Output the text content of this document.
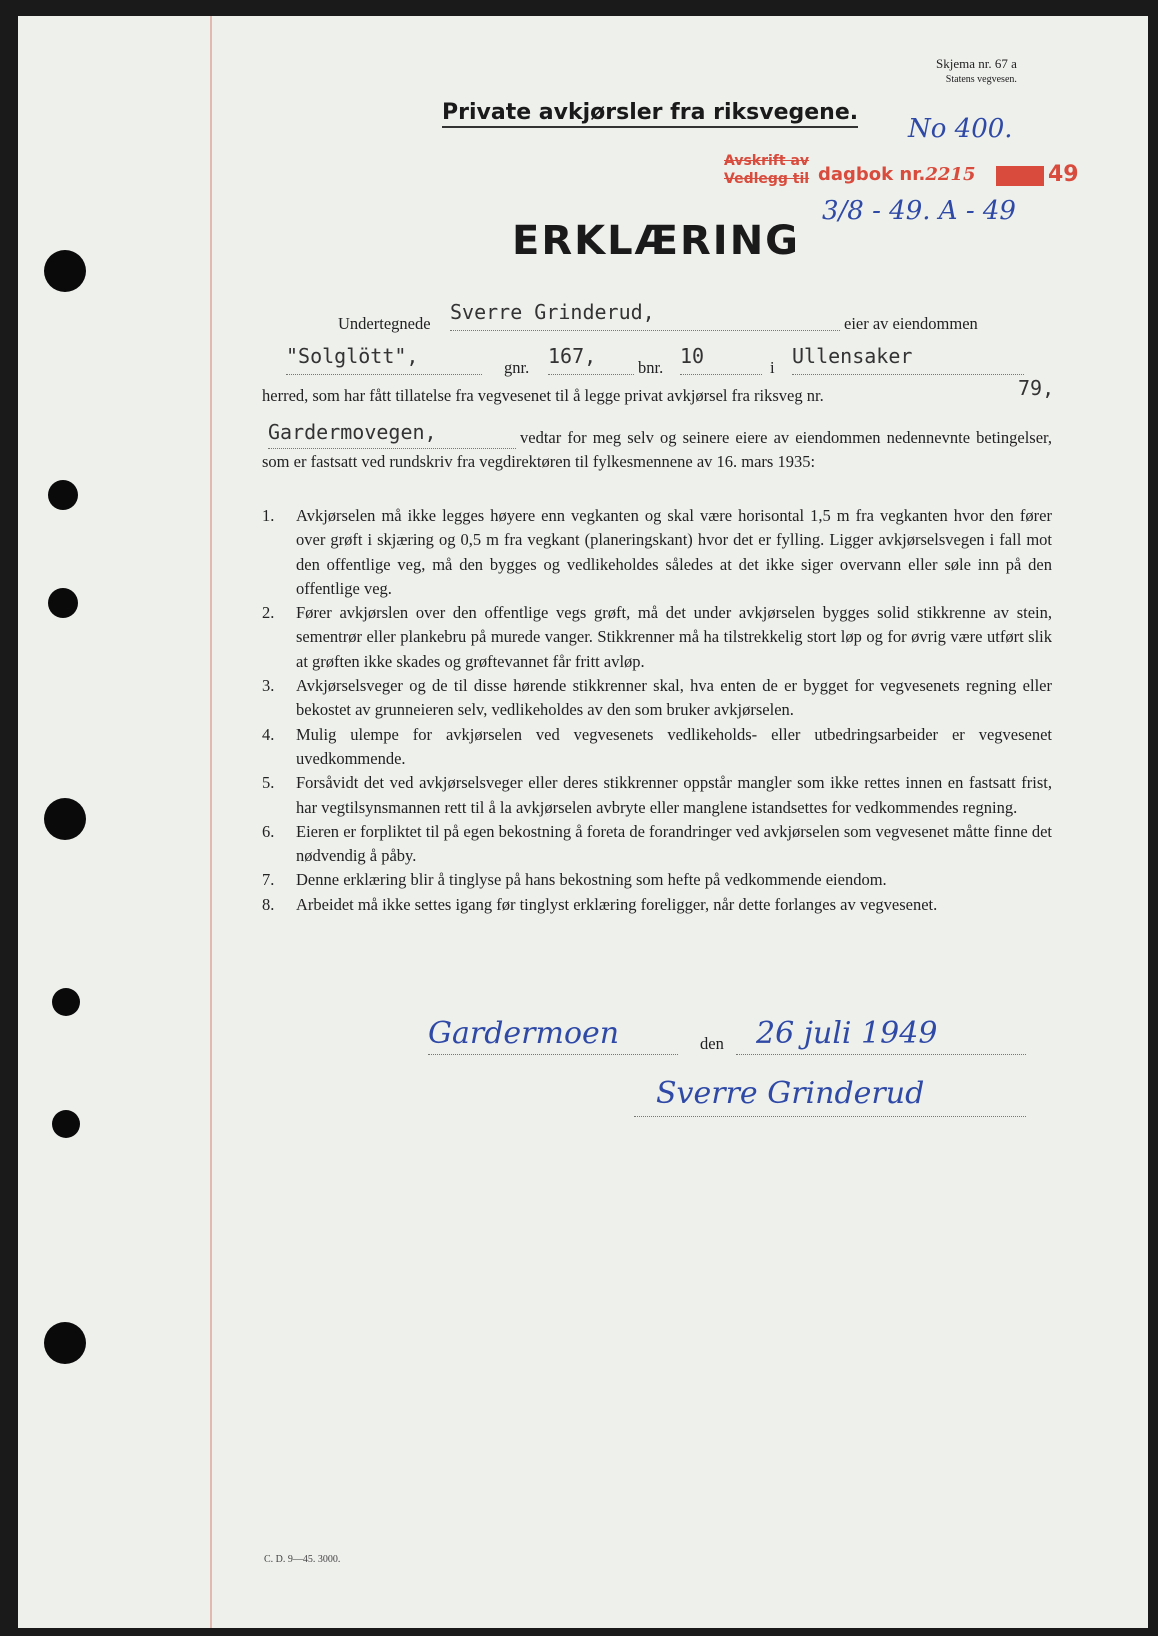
Skjema nr. 67 a
Statens vegvesen.
Private avkjørsler fra riksvegene.
No 400.
Avskrift av
Vedlegg til dagbok nr.2215	49
3/8 - 49. A - 49
ERKLÆRING
Undertegnede Sverre Grinderud,	eier av eiendommen
"Solglött",	gnr. 167,	bnr. 10	i Ullensaker
herred, som har fått tillatelse fra vegvesenet til å legge privat avkjørsel fra riksveg nr.	79,
Gardermovegen,	vedtar for meg selv og seinere eiere av eiendommen nedennevnte betingelser, som er fastsatt ved rundskriv fra vegdirektøren til fylkesmennene av 16. mars 1935:
1.	Avkjørselen må ikke legges høyere enn vegkanten og skal være horisontal 1,5 m fra vegkanten hvor den fører over grøft i skjæring og 0,5 m fra vegkant (planeringskant) hvor det er fylling. Ligger avkjørselsvegen i fall mot den offentlige veg, må den bygges og vedlikeholdes således at det ikke siger overvann eller søle inn på den offentlige veg.
2.	Fører avkjørslen over den offentlige vegs grøft, må det under avkjørselen bygges solid stikkrenne av stein, sementrør eller plankebru på murede vanger. Stikkrenner må ha tilstrekkelig stort løp og for øvrig være utført slik at grøften ikke skades og grøftevannet får fritt avløp.
3.	Avkjørselsveger og de til disse hørende stikkrenner skal, hva enten de er bygget for vegvesenets regning eller bekostet av grunneieren selv, vedlikeholdes av den som bruker avkjørselen.
4.	Mulig ulempe for avkjørselen ved vegvesenets vedlikeholds- eller utbedringsarbeider er vegvesenet uvedkommende.
5.	Forsåvidt det ved avkjørselsveger eller deres stikkrenner oppstår mangler som ikke rettes innen en fastsatt frist, har vegtilsynsmannen rett til å la avkjørselen avbryte eller manglene istandsettes for vedkommendes regning.
6.	Eieren er forpliktet til på egen bekostning å foreta de forandringer ved avkjørselen som vegvesenet måtte finne det nødvendig å påby.
7.	Denne erklæring blir å tinglyse på hans bekostning som hefte på vedkommende eiendom.
8.	Arbeidet må ikke settes igang før tinglyst erklæring foreligger, når dette forlanges av vegvesenet.
Gardermoen	den	26 juli 1949
Sverre Grinderud
C. D. 9—45. 3000.
